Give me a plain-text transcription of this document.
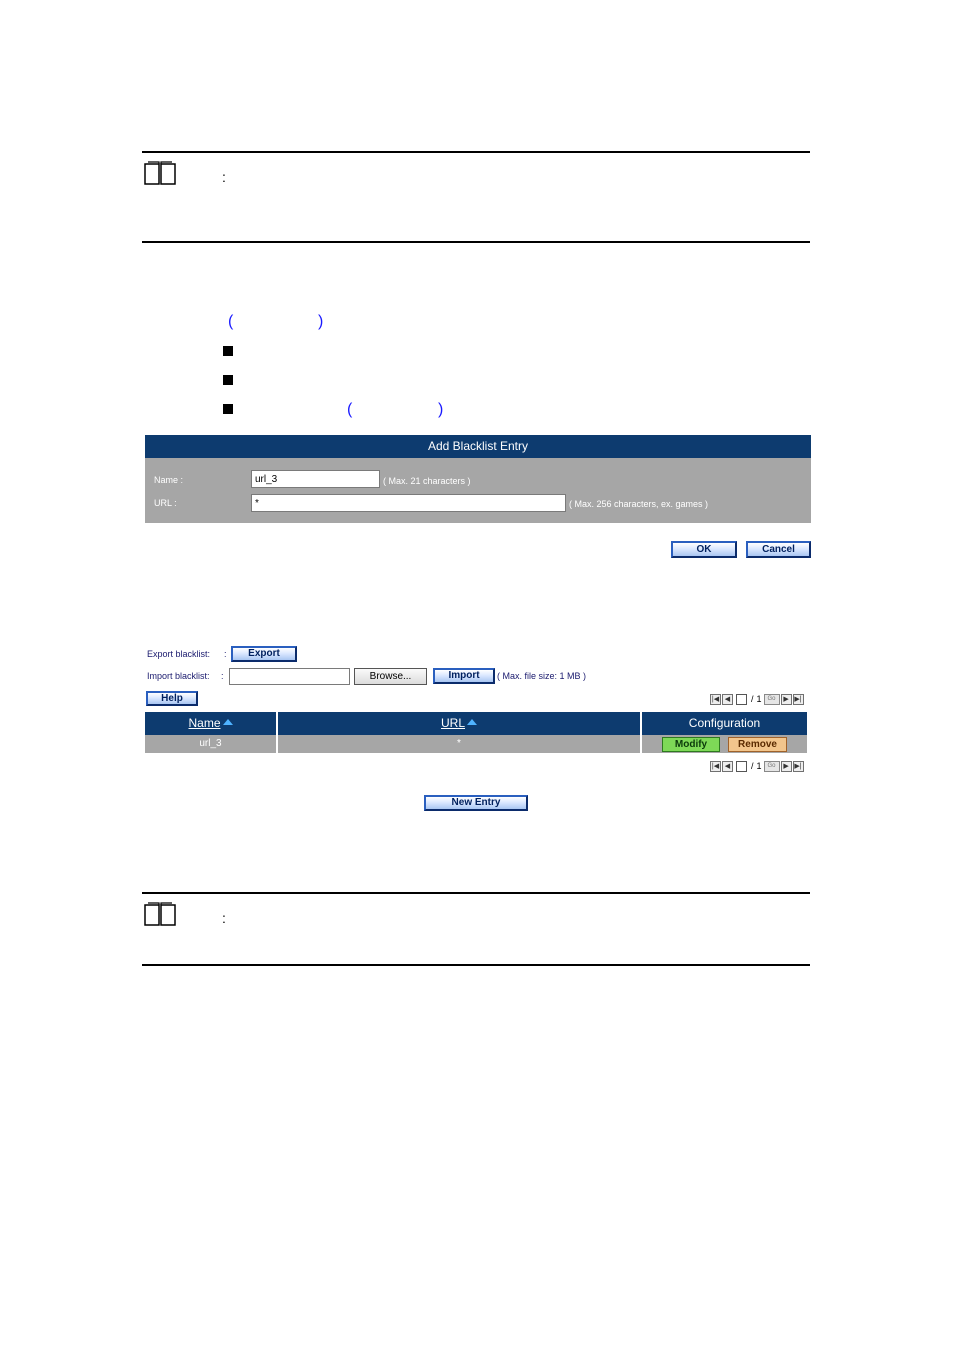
:
(	)
(	)
Add Blacklist Entry
Name :
url_3	( Max. 21 characters )
URL :
*	( Max. 256 characters, ex. games )
OK	Cancel
Export blacklist: :	Export
Import blacklist: :	Browse...	Import	( Max. file size: 1 MB )
Help	|◀ ◀	/ 1 Go	▶ ▶|
Name	URL	Configuration
url_3	*	Modify	Remove
|◀ ◀	/ 1 Go	▶ ▶|
New Entry
:
